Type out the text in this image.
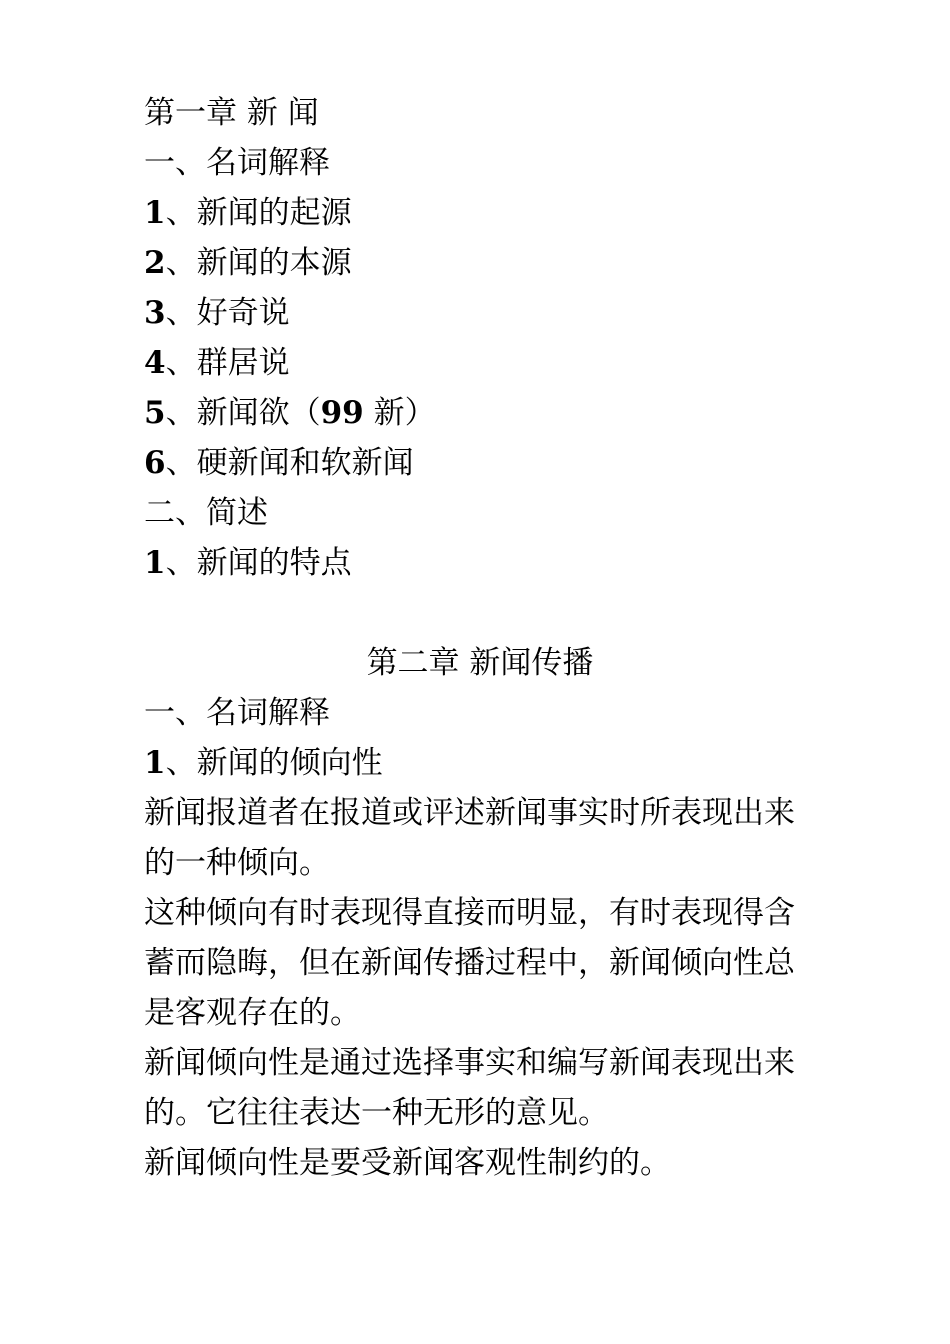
第一章 新 闻
一、名词解释
1、新闻的起源
2、新闻的本源
3、好奇说
4、群居说
5、新闻欲（99 新）
6、硬新闻和软新闻
二、简述
1、新闻的特点
第二章 新闻传播
一、名词解释
1、新闻的倾向性
新闻报道者在报道或评述新闻事实时所表现出来的一种倾向。
这种倾向有时表现得直接而明显，有时表现得含蓄而隐晦，但在新闻传播过程中，新闻倾向性总是客观存在的。
新闻倾向性是通过选择事实和编写新闻表现出来的。它往往表达一种无形的意见。
新闻倾向性是要受新闻客观性制约的。
